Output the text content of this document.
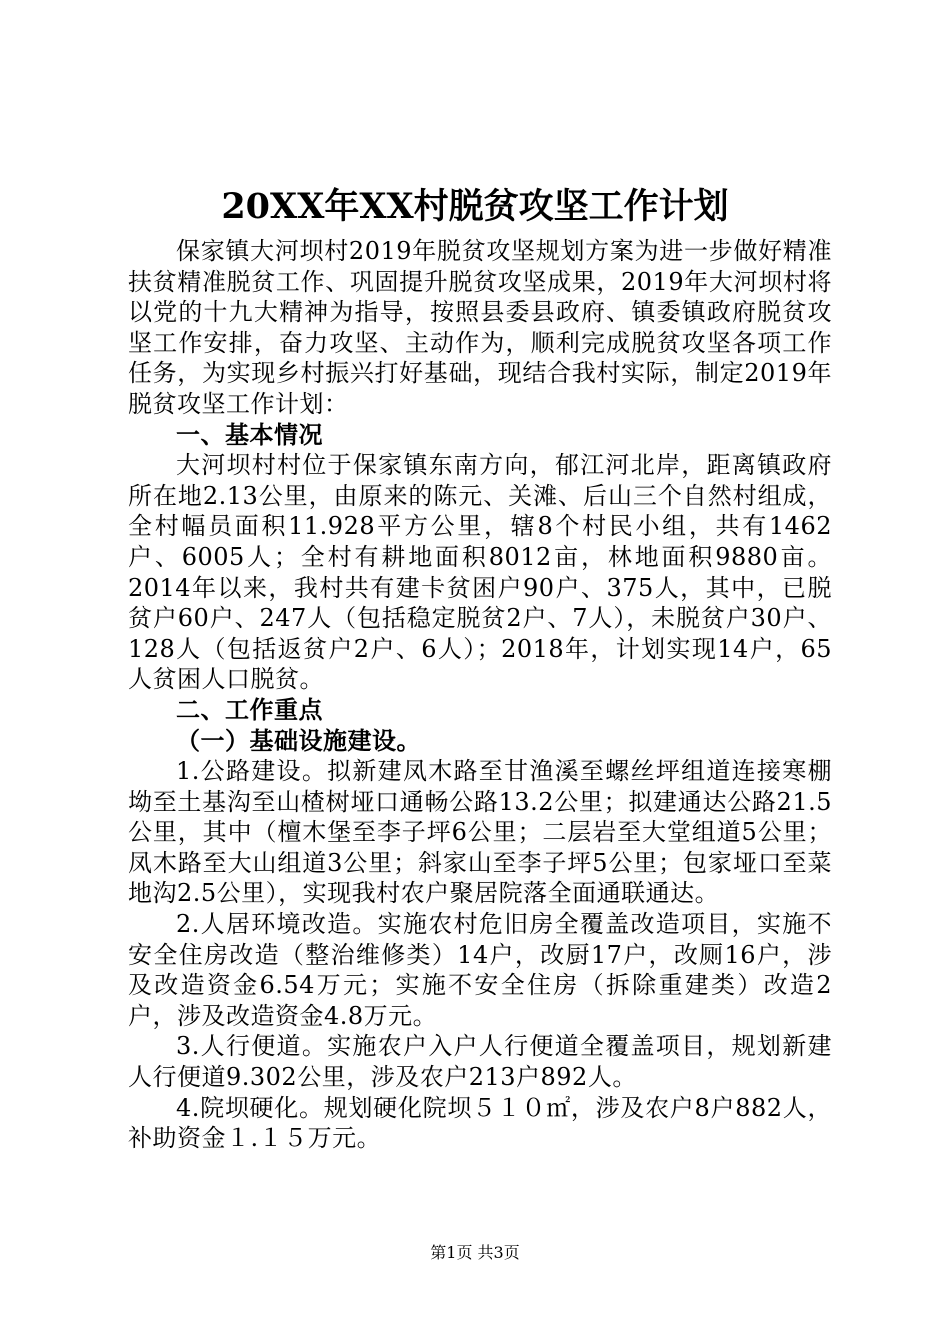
20XX年XX村脱贫攻坚工作计划

保家镇大河坝村2019年脱贫攻坚规划方案为进一步做好精准扶贫精准脱贫工作、巩固提升脱贫攻坚成果，2019年大河坝村将以党的十九大精神为指导，按照县委县政府、镇委镇政府脱贫攻坚工作安排，奋力攻坚、主动作为，顺利完成脱贫攻坚各项工作任务，为实现乡村振兴打好基础，现结合我村实际，制定2019年脱贫攻坚工作计划：

一、基本情况

大河坝村村位于保家镇东南方向，郁江河北岸，距离镇政府所在地2.13公里，由原来的陈元、关滩、后山三个自然村组成，全村幅员面积11.928平方公里，辖8个村民小组，共有1462户、6005人；全村有耕地面积8012亩，林地面积9880亩。2014年以来，我村共有建卡贫困户90户、375人，其中，已脱贫户60户、247人（包括稳定脱贫2户、7人），未脱贫户30户、128人（包括返贫户2户、6人）；2018年，计划实现14户，65人贫困人口脱贫。

二、工作重点

（一）基础设施建设。

1.公路建设。拟新建凤木路至甘渔溪至螺丝坪组道连接寒棚坳至土基沟至山楂树垭口通畅公路13.2公里；拟建通达公路21.5公里，其中（檀木堡至李子坪6公里；二层岩至大堂组道5公里；凤木路至大山组道3公里；斜家山至李子坪5公里；包家垭口至菜地沟2.5公里），实现我村农户聚居院落全面通联通达。

2.人居环境改造。实施农村危旧房全覆盖改造项目，实施不安全住房改造（整治维修类）14户，改厨17户，改厕16户，涉及改造资金6.54万元；实施不安全住房（拆除重建类）改造2户，涉及改造资金4.8万元。

3.人行便道。实施农户入户人行便道全覆盖项目，规划新建人行便道9.302公里，涉及农户213户892人。

4.院坝硬化。规划硬化院坝５１０㎡，涉及农户8户882人，补助资金１.１５万元。

第1页 共3页
